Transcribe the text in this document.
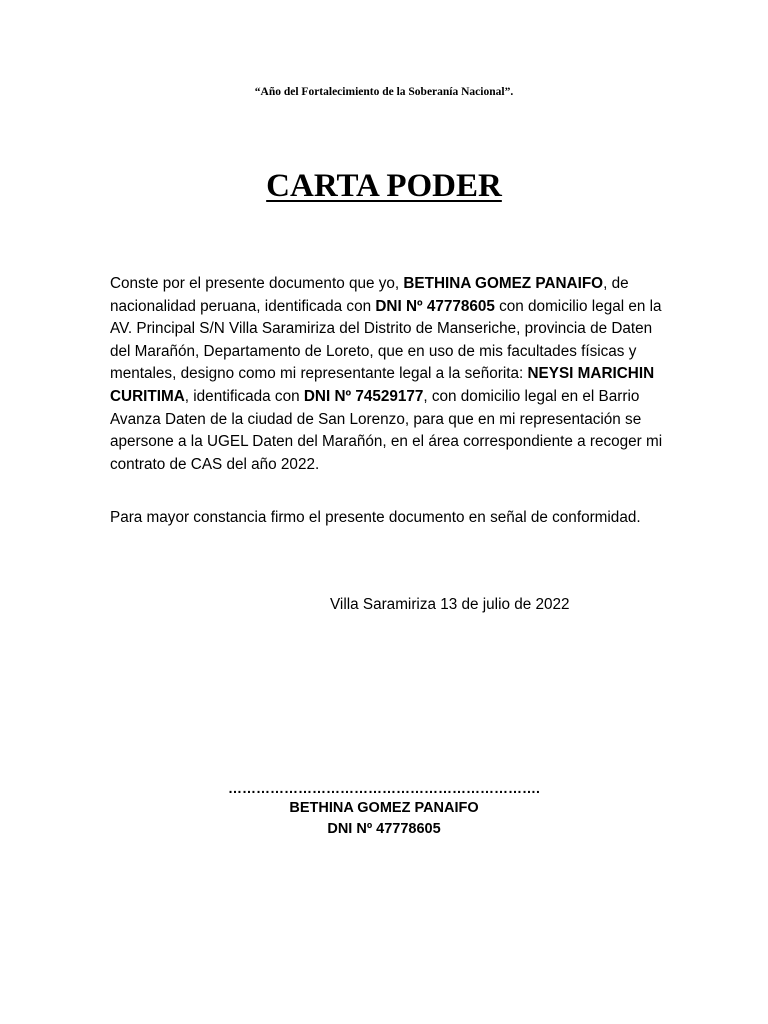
“Año del Fortalecimiento de la Soberanía Nacional”.
CARTA PODER

Conste por el presente documento que yo, BETHINA GOMEZ PANAIFO, de nacionalidad peruana, identificada con DNI Nº 47778605 con domicilio legal en la AV. Principal S/N Villa Saramiriza del Distrito de Manseriche, provincia de Daten del Marañón, Departamento de Loreto, que en uso de mis facultades físicas y mentales, designo como mi representante legal a la señorita: NEYSI MARICHIN CURITIMA, identificada con DNI Nº 74529177, con domicilio legal en el Barrio Avanza Daten de la ciudad de San Lorenzo, para que en mi representación se apersone a la UGEL Daten del Marañón, en el área correspondiente a recoger mi contrato de CAS del año 2022.

Para mayor constancia firmo el presente documento en señal de conformidad.

Villa Saramiriza 13 de julio de 2022
………………………………………………………….
BETHINA GOMEZ PANAIFO
DNI Nº 47778605
